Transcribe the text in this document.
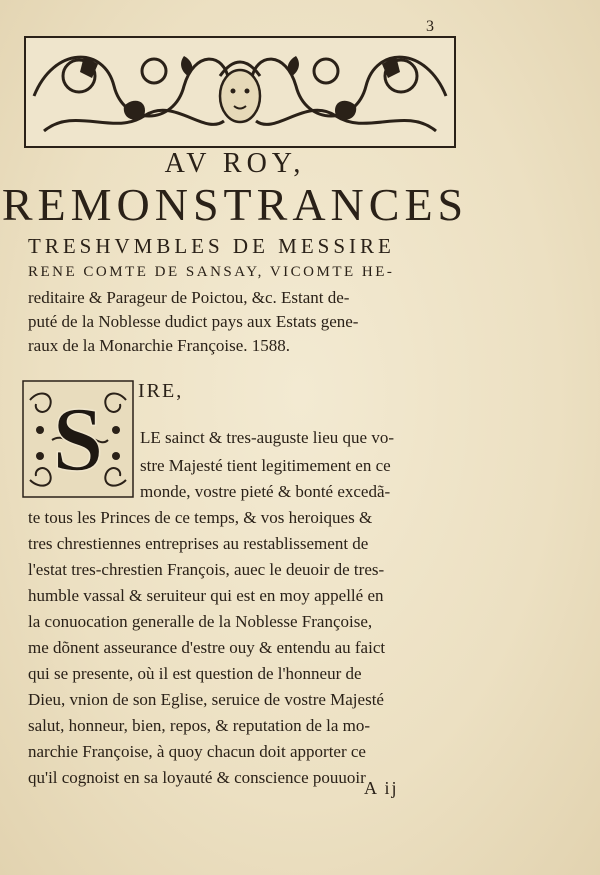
3
AV ROY,
REMONSTRANCES
TRESHVMBLES DE MESSIRE
RENE COMTE DE SANSAY, VICOMTE HE-
reditaire & Parageur de Poictou, &c. Estant de-
puté de la Noblesse dudict pays aux Estats gene-
raux de la Monarchie Françoise. 1588.
S IRE,
LE sainct & tres-auguste lieu que vo-
stre Majesté tient legitimement en ce
monde, vostre pieté & bonté excedã-
te tous les Princes de ce temps, & vos heroiques &
tres chrestiennes entreprises au restablissement de
l'estat tres-chrestien François, auec le deuoir de tres-
humble vassal & seruiteur qui est en moy appellé en
la conuocation generalle de la Noblesse Françoise,
me dõnent asseurance d'estre ouy & entendu au faict
qui se presente, où il est question de l'honneur de
Dieu, vnion de son Eglise, seruice de vostre Majesté
salut, honneur, bien, repos, & reputation de la mo-
narchie Françoise, à quoy chacun doit apporter ce
qu'il cognoist en sa loyauté & conscience pouuoir
A ij
